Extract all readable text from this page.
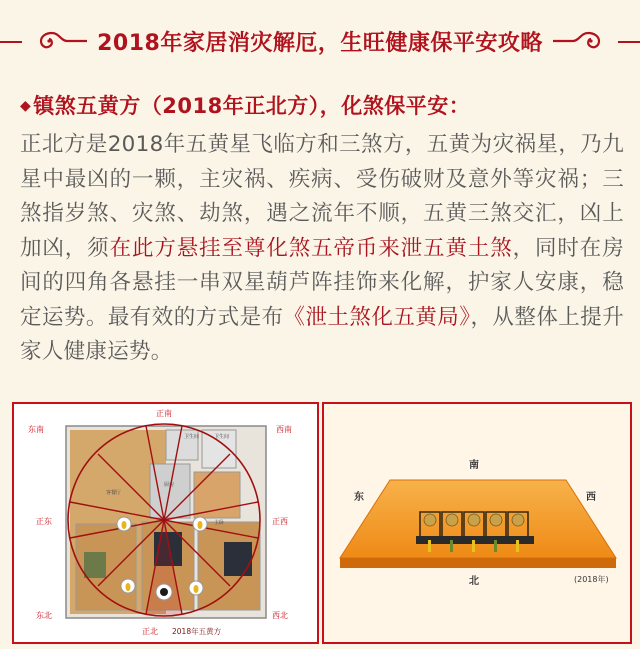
2018年家居消灾解厄，生旺健康保平安攻略
◆镇煞五黄方（2018年正北方），化煞保平安：
正北方是2018年五黄星飞临方和三煞方，五黄为灾祸星，乃九星中最凶的一颗，主灾祸、疾病、受伤破财及意外等灾祸；三煞指岁煞、灾煞、劫煞，遇之流年不顺，五黄三煞交汇，凶上加凶，须在此方悬挂至尊化煞五帝币来泄五黄土煞，同时在房间的四角各悬挂一串双星葫芦阵挂饰来化解，护家人安康，稳定运势。最有效的方式是布《泄土煞化五黄局》，从整体上提升家人健康运势。
卫生间	卫生间
厨房
客餐厅
主卧
正南
东南	西南
正东	正西
东北	西北
正北 2018年五黄方
南
东	西
北	(2018年)
